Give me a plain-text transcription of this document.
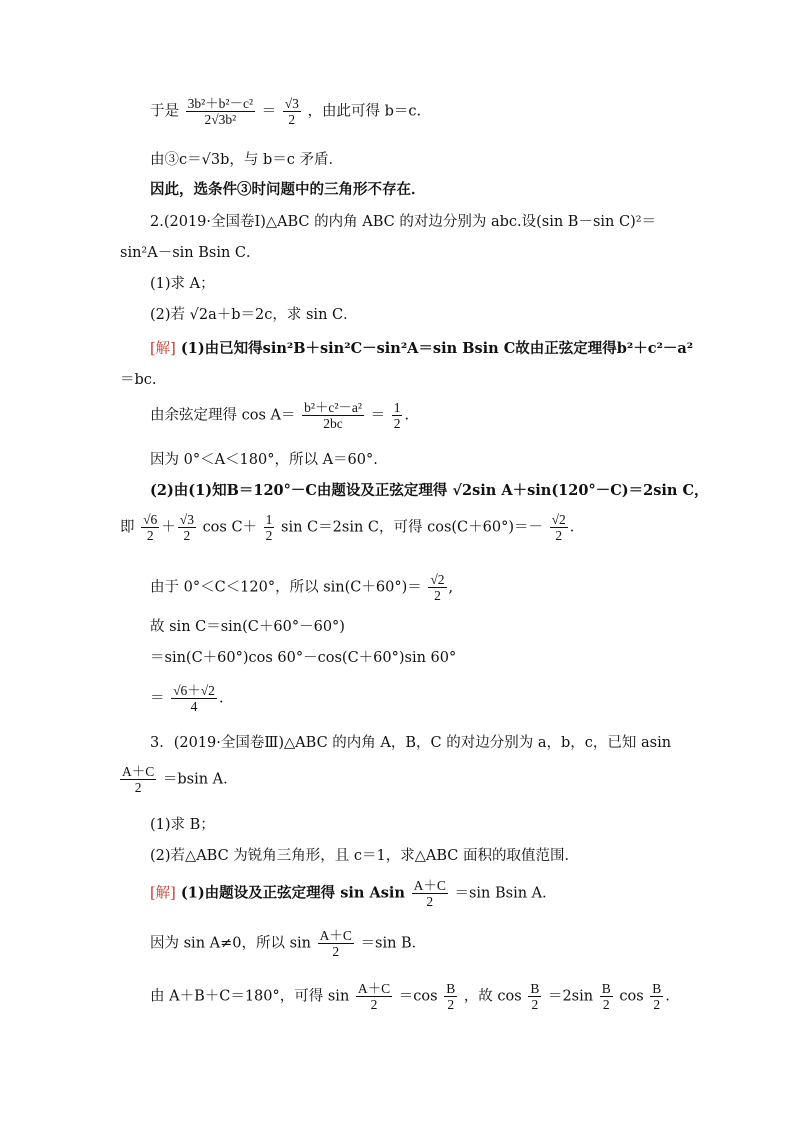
于是 $\frac{\text{3b²＋b²－c²}}{\text{2√3b²}} = \frac{√3}{2}$ ，由此可得 b＝c.
由③c＝√3b，与 b＝c 矛盾．
因此，选条件③时问题中的三角形不存在．
2.(2019·全国卷Ⅰ)△ABC 的内角 ABC 的对边分别为 abc.设(sin B－sin C)²＝
sin²A－sin Bsin C．
(1)求 A；
(2)若 √2a＋b＝2c，求 sin C．
[解] (1)由已知得sin²B＋sin²C－sin²A＝sin Bsin C故由正弦定理得b²＋c²－a²
＝bc.
由余弦定理得 $\cos A= \frac{\text{b²＋c²－a²}}{2bc} = \frac{1}{2}$ .
因为 0°＜A＜180°，所以 A＝60°.
(2)由(1)知B＝120°－C由题设及正弦定理得 √2sin A＋sin(120°－C)＝2sin C，
即 $\frac{√6}{2} + \frac{√3}{2}$ $\cos C+ \frac{1}{2}$ sin C＝2sin C，可得 $\cos(C+60^\circ)=- \frac{√2}{2}$ .
由于 0°＜C＜120°，所以 $\sin(C+60^\circ)= \frac{√2}{2}$ ,
故 sin C＝sin(C＋60°－60°)
＝sin(C＋60°)cos 60°－cos(C＋60°)sin 60°
＝ $\frac{√6+√2}{4}$ .
3．(2019·全国卷Ⅲ)△ABC 的内角 A，B，C 的对边分别为 a，b，c，已知 asin
$\frac{A+C}{2} =bsin$ A．
(1)求 B；
(2)若△ABC 为锐角三角形，且 c＝1，求△ABC 面积的取值范围．
[解] (1)由题设及正弦定理得 sin Asin $\frac{A+C}{2} =\sin$ Bsin A．
因为 sin A≠0，所以 $\sin \frac{A+C}{2} =\sin$ B．
由 A＋B＋C＝180°，可得 $\sin \frac{A+C}{2} =\cos \frac{B}{2}$ ，故 $\cos \frac{B}{2} =2\sin \frac{B}{2}$ $\cos \frac{B}{2}$ .
